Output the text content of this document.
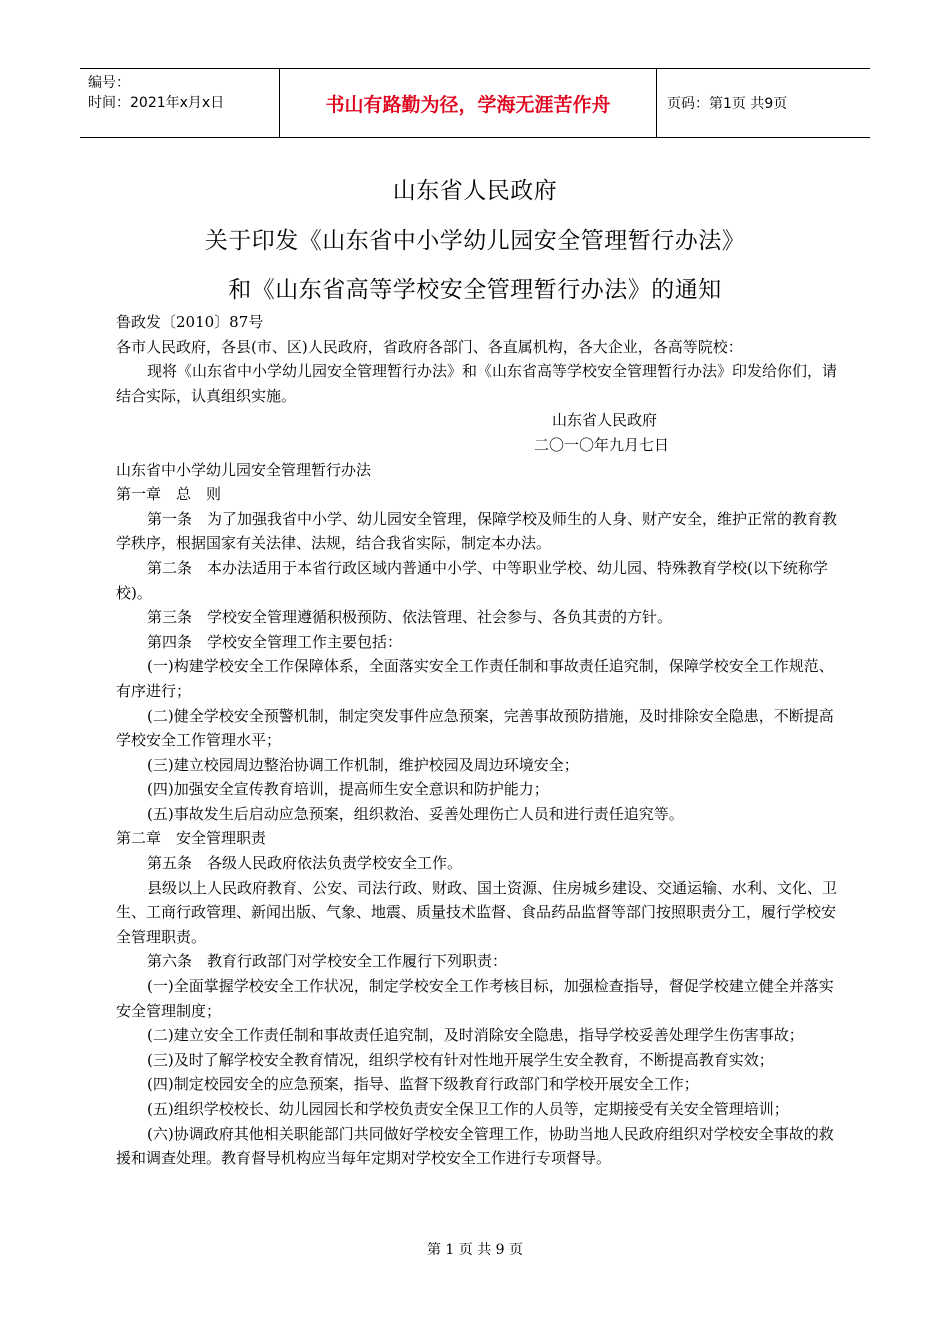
编号：
时间：2021年x月x日	书山有路勤为径，学海无涯苦作舟	页码：第1页 共9页
山东省人民政府
关于印发《山东省中小学幼儿园安全管理暂行办法》
和《山东省高等学校安全管理暂行办法》的通知

鲁政发〔2010〕87号

各市人民政府，各县(市、区)人民政府，省政府各部门、各直属机构，各大企业，各高等院校：

现将《山东省中小学幼儿园安全管理暂行办法》和《山东省高等学校安全管理暂行办法》印发给你们，请结合实际，认真组织实施。

山东省人民政府

二〇一〇年九月七日

山东省中小学幼儿园安全管理暂行办法

第一章　总　则

第一条　为了加强我省中小学、幼儿园安全管理，保障学校及师生的人身、财产安全，维护正常的教育教学秩序，根据国家有关法律、法规，结合我省实际，制定本办法。

第二条　本办法适用于本省行政区域内普通中小学、中等职业学校、幼儿园、特殊教育学校(以下统称学校)。

第三条　学校安全管理遵循积极预防、依法管理、社会参与、各负其责的方针。

第四条　学校安全管理工作主要包括：

(一)构建学校安全工作保障体系，全面落实安全工作责任制和事故责任追究制，保障学校安全工作规范、有序进行；

(二)健全学校安全预警机制，制定突发事件应急预案，完善事故预防措施，及时排除安全隐患，不断提高学校安全工作管理水平；

(三)建立校园周边整治协调工作机制，维护校园及周边环境安全；

(四)加强安全宣传教育培训，提高师生安全意识和防护能力；

(五)事故发生后启动应急预案，组织救治、妥善处理伤亡人员和进行责任追究等。

第二章　安全管理职责

第五条　各级人民政府依法负责学校安全工作。

县级以上人民政府教育、公安、司法行政、财政、国土资源、住房城乡建设、交通运输、水利、文化、卫生、工商行政管理、新闻出版、气象、地震、质量技术监督、食品药品监督等部门按照职责分工，履行学校安全管理职责。

第六条　教育行政部门对学校安全工作履行下列职责：

(一)全面掌握学校安全工作状况，制定学校安全工作考核目标，加强检查指导，督促学校建立健全并落实安全管理制度；

(二)建立安全工作责任制和事故责任追究制，及时消除安全隐患，指导学校妥善处理学生伤害事故；

(三)及时了解学校安全教育情况，组织学校有针对性地开展学生安全教育，不断提高教育实效；

(四)制定校园安全的应急预案，指导、监督下级教育行政部门和学校开展安全工作；

(五)组织学校校长、幼儿园园长和学校负责安全保卫工作的人员等，定期接受有关安全管理培训；

(六)协调政府其他相关职能部门共同做好学校安全管理工作，协助当地人民政府组织对学校安全事故的救援和调查处理。教育督导机构应当每年定期对学校安全工作进行专项督导。

第 1 页 共 9 页
